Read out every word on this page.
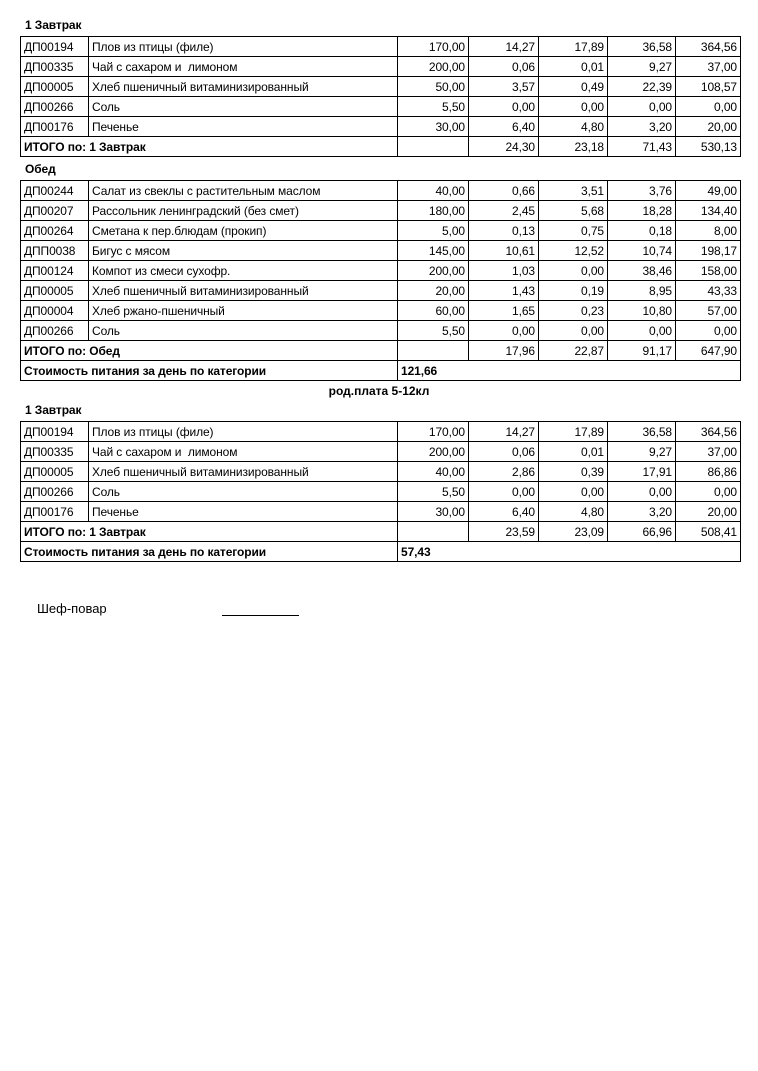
1 Завтрак
ДП00194	Плов из птицы (филе)	170,00	14,27	17,89	36,58	364,56
ДП00335	Чай с сахаром и  лимоном	200,00	0,06	0,01	9,27	37,00
ДП00005	Хлеб пшеничный витаминизированный	50,00	3,57	0,49	22,39	108,57
ДП00266	Соль	5,50	0,00	0,00	0,00	0,00
ДП00176	Печенье	30,00	6,40	4,80	3,20	20,00
ИТОГО по: 1 Завтрак			24,30	23,18	71,43	530,13
Обед
ДП00244	Салат из свеклы с растительным маслом	40,00	0,66	3,51	3,76	49,00
ДП00207	Рассольник ленинградский (без смет)	180,00	2,45	5,68	18,28	134,40
ДП00264	Сметана к пер.блюдам (прокип)	5,00	0,13	0,75	0,18	8,00
ДПП0038	Бигус с мясом	145,00	10,61	12,52	10,74	198,17
ДП00124	Компот из смеси сухофр.	200,00	1,03	0,00	38,46	158,00
ДП00005	Хлеб пшеничный витаминизированный	20,00	1,43	0,19	8,95	43,33
ДП00004	Хлеб ржано-пшеничный	60,00	1,65	0,23	10,80	57,00
ДП00266	Соль	5,50	0,00	0,00	0,00	0,00
ИТОГО по: Обед			17,96	22,87	91,17	647,90
Стоимость питания за день по категории		121,66				
род.плата 5-12кл
1 Завтрак
ДП00194	Плов из птицы (филе)	170,00	14,27	17,89	36,58	364,56
ДП00335	Чай с сахаром и  лимоном	200,00	0,06	0,01	9,27	37,00
ДП00005	Хлеб пшеничный витаминизированный	40,00	2,86	0,39	17,91	86,86
ДП00266	Соль	5,50	0,00	0,00	0,00	0,00
ДП00176	Печенье	30,00	6,40	4,80	3,20	20,00
ИТОГО по: 1 Завтрак			23,59	23,09	66,96	508,41
Стоимость питания за день по категории		57,43				
Шеф-повар
